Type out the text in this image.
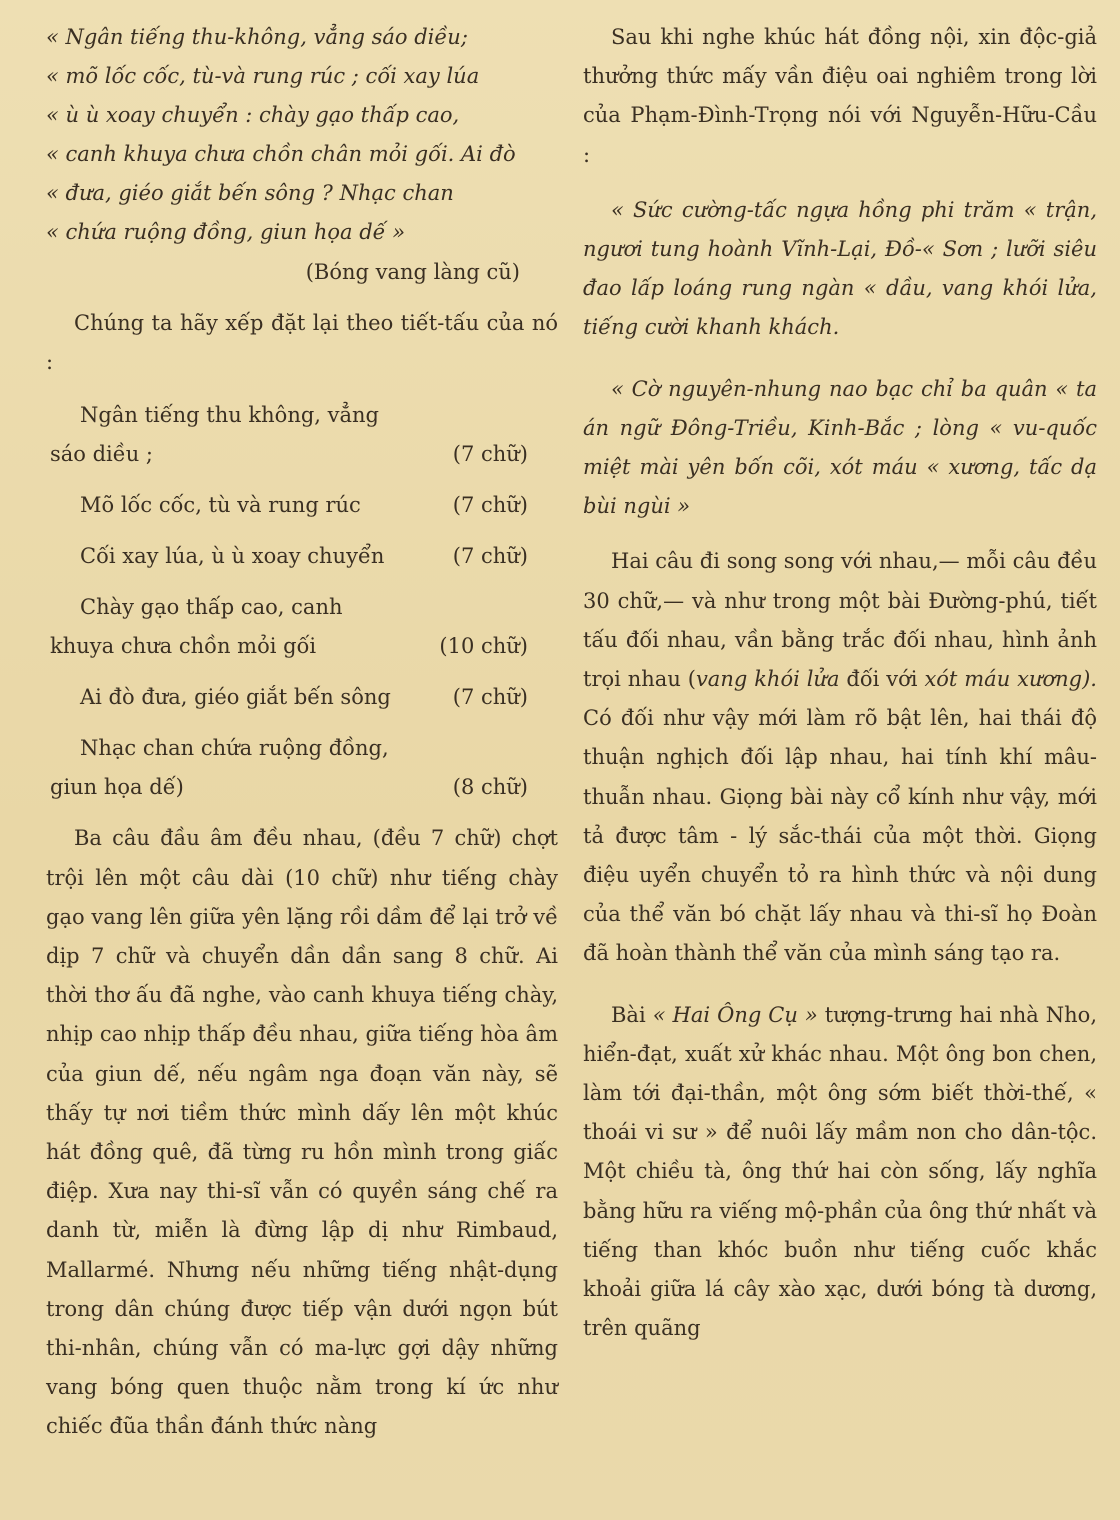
« Ngân tiếng thu-không, vẳng sáo diều;

« mõ lốc cốc, tù-và rung rúc ; cối xay lúa

« ù ù xoay chuyển : chày gạo thấp cao,

« canh khuya chưa chồn chân mỏi gối. Ai đò

« đưa, giéo giắt bến sông ? Nhạc chan

« chứa ruộng đồng, giun họa dế »

(Bóng vang làng cũ)

Chúng ta hãy xếp đặt lại theo tiết-tấu của nó :

Ngân tiếng thu không, vẳng
sáo diều ;	(7 chữ)
Mõ lốc cốc, tù và rung rúc	(7 chữ)
Cối xay lúa, ù ù xoay chuyển	(7 chữ)
Chày gạo thấp cao, canh
khuya chưa chồn mỏi gối	(10 chữ)
Ai đò đưa, giéo giắt bến sông	(7 chữ)
Nhạc chan chứa ruộng đồng,
giun họa dế)	(8 chữ)

Ba câu đầu âm đều nhau, (đều 7 chữ) chợt trội lên một câu dài (10 chữ) như tiếng chày gạo vang lên giữa yên lặng rồi dầm để lại trở về dịp 7 chữ và chuyển dần dần sang 8 chữ. Ai thời thơ ấu đã nghe, vào canh khuya tiếng chày, nhịp cao nhịp thấp đều nhau, giữa tiếng hòa âm của giun dế, nếu ngâm nga đoạn văn này, sẽ thấy tự nơi tiềm thức mình dấy lên một khúc hát đồng quê, đã từng ru hồn mình trong giấc điệp. Xưa nay thi-sĩ vẫn có quyền sáng chế ra danh từ, miễn là đừng lập dị như Rimbaud, Mallarmé. Nhưng nếu những tiếng nhật-dụng trong dân chúng được tiếp vận dưới ngọn bút thi-nhân, chúng vẫn có ma-lực gợi dậy những vang bóng quen thuộc nằm trong kí ức như chiếc đũa thần đánh thức nàng

Sau khi nghe khúc hát đồng nội, xin độc-giả thưởng thức mấy vần điệu oai nghiêm trong lời của Phạm-Đình-Trọng nói với Nguyễn-Hữu-Cầu :

« Sức cường-tấc ngựa hồng phi trăm « trận, ngươi tung hoành Vĩnh-Lại, Đồ-« Sơn ; lưỡi siêu đao lấp loáng rung ngàn « dầu, vang khói lửa, tiếng cười khanh khách.

« Cờ nguyên-nhung nao bạc chỉ ba quân « ta án ngữ Đông-Triều, Kinh-Bắc ; lòng « vu-quốc miệt mài yên bốn cõi, xót máu « xương, tấc dạ bùi ngùi »

Hai câu đi song song với nhau,— mỗi câu đều 30 chữ,— và như trong một bài Đường-phú, tiết tấu đối nhau, vần bằng trắc đối nhau, hình ảnh trọi nhau (vang khói lửa đối với xót máu xương). Có đối như vậy mới làm rõ bật lên, hai thái độ thuận nghịch đối lập nhau, hai tính khí mâu-thuẫn nhau. Giọng bài này cổ kính như vậy, mới tả được tâm - lý sắc-thái của một thời. Giọng điệu uyển chuyển tỏ ra hình thức và nội dung của thể văn bó chặt lấy nhau và thi-sĩ họ Đoàn đã hoàn thành thể văn của mình sáng tạo ra.

Bài « Hai Ông Cụ » tượng-trưng hai nhà Nho, hiển-đạt, xuất xử khác nhau. Một ông bon chen, làm tới đại-thần, một ông sớm biết thời-thế, « thoái vi sư » để nuôi lấy mầm non cho dân-tộc. Một chiều tà, ông thứ hai còn sống, lấy nghĩa bằng hữu ra viếng mộ-phần của ông thứ nhất và tiếng than khóc buồn như tiếng cuốc khắc khoải giữa lá cây xào xạc, dưới bóng tà dương, trên quãng
